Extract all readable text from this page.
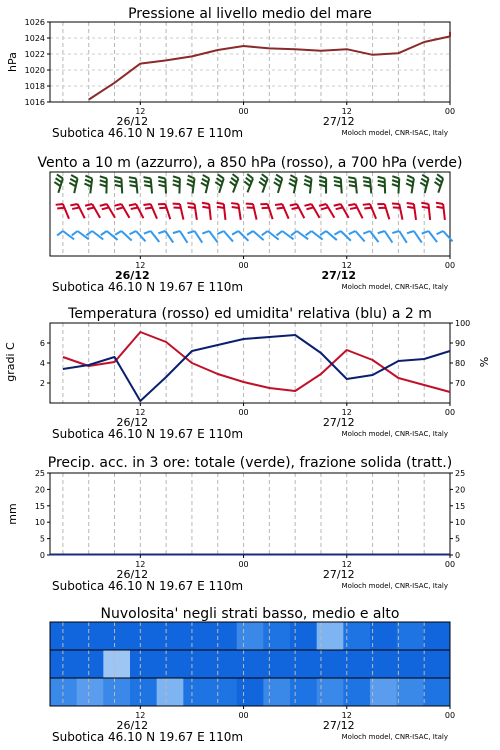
Pressione al livello medio del mare
hPa
1016
1018
1020
1022
1024
1026
12	00	12	00
26/12	27/12
Subotica 46.10 N 19.67 E 110m	Moloch model, CNR-ISAC, Italy
Vento a 10 m (azzurro), a 850 hPa (rosso), a 700 hPa (verde)
12	00	12	00
26/12	27/12
Subotica 46.10 N 19.67 E 110m	Moloch model, CNR-ISAC, Italy
Temperatura (rosso) ed umidita' relativa (blu) a 2 m
gradi C	%
2
4
6
70
80
90
100
12	00	12	00
26/12	27/12
Subotica 46.10 N 19.67 E 110m	Moloch model, CNR-ISAC, Italy
Precip. acc. in 3 ore: totale (verde), frazione solida (tratt.)
mm
0
5
10
15
20
25
0
5
10
15
20
25
12	00	12	00
26/12	27/12
Subotica 46.10 N 19.67 E 110m	Moloch model, CNR-ISAC, Italy
Nuvolosita' negli strati basso, medio e alto
12	00	12	00
26/12	27/12
Subotica 46.10 N 19.67 E 110m	Moloch model, CNR-ISAC, Italy
